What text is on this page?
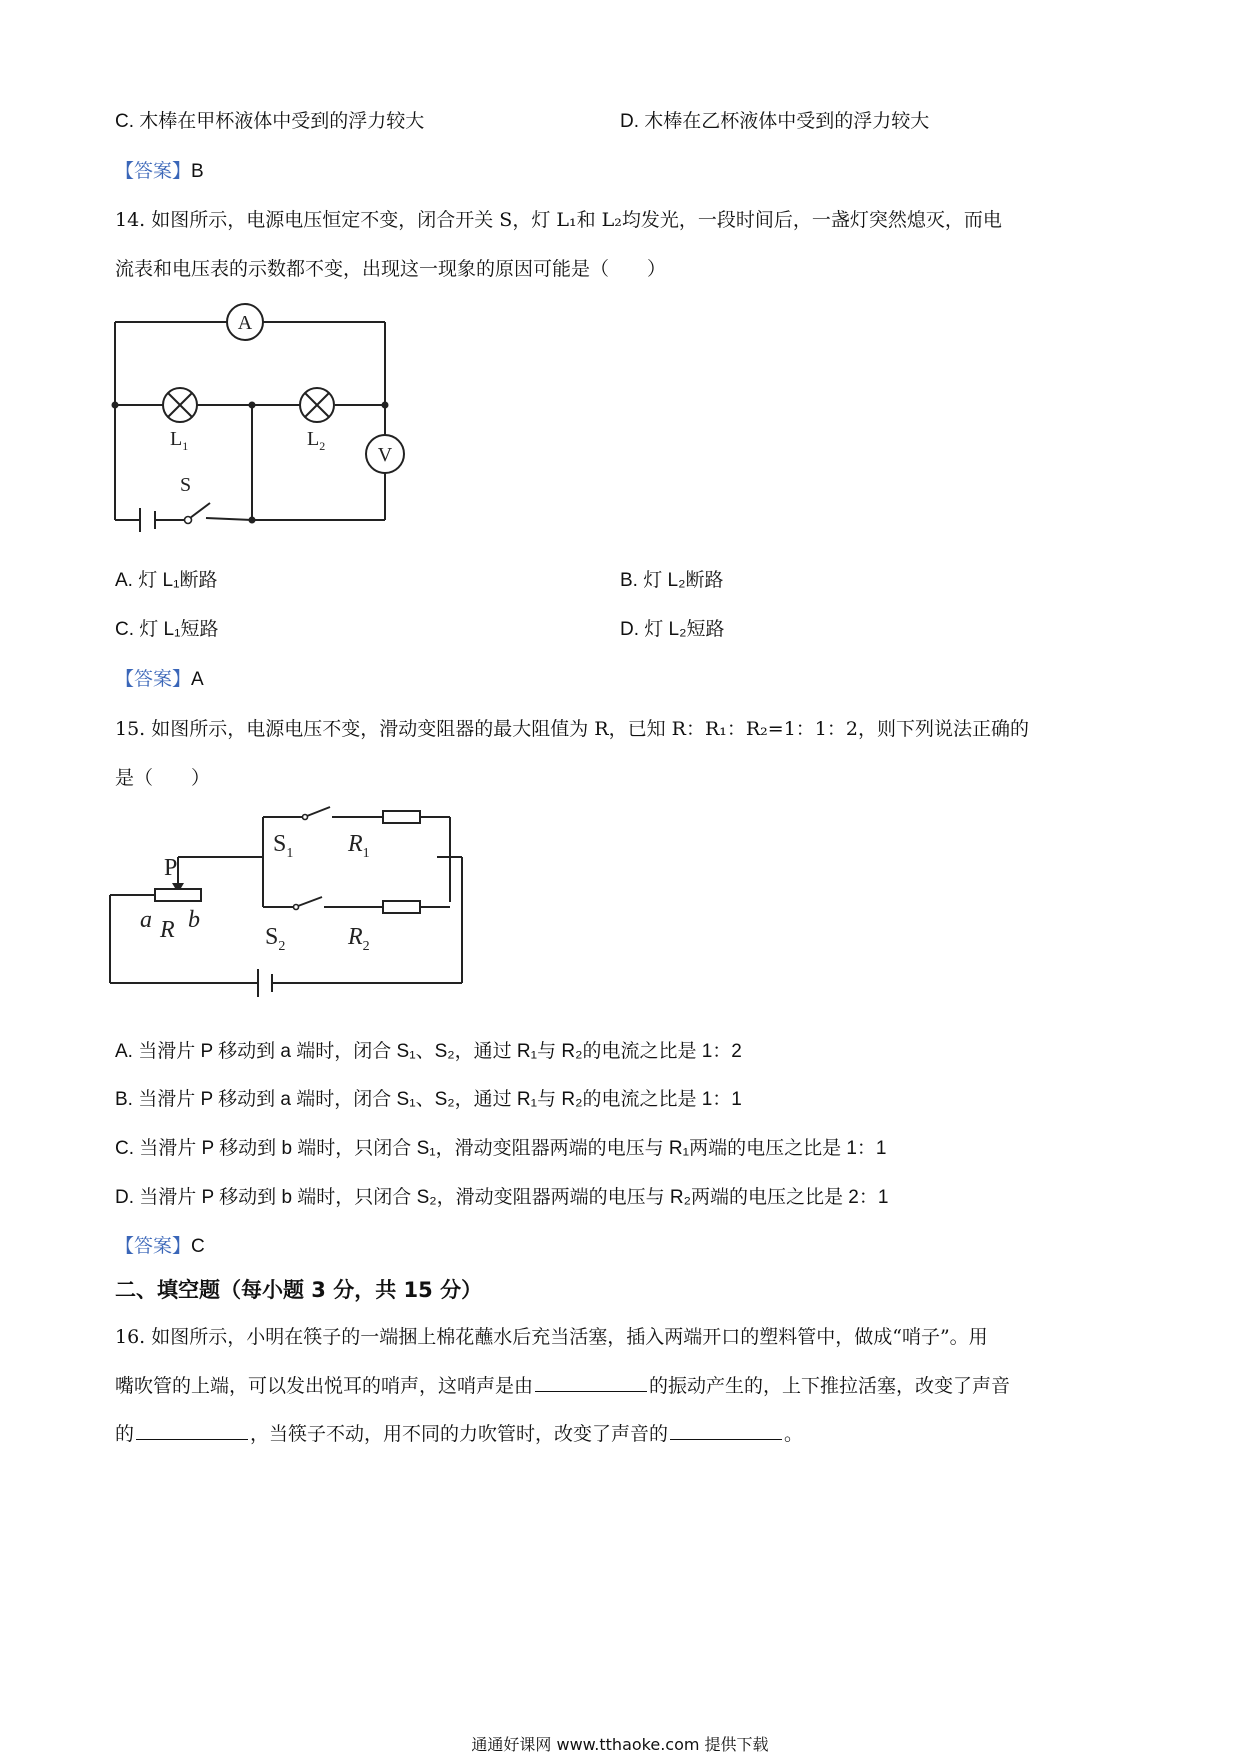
C. 木棒在甲杯液体中受到的浮力较大	D. 木棒在乙杯液体中受到的浮力较大
【答案】B
14. 如图所示，电源电压恒定不变，闭合开关 S，灯 L₁和 L₂均发光，一段时间后，一盏灯突然熄灭，而电
流表和电压表的示数都不变，出现这一现象的原因可能是（　　）
S
A
$L_1$	$L_2$	V
A. 灯 L₁断路	B. 灯 L₂断路
C. 灯 L₁短路	D. 灯 L₂短路
【答案】A
15. 如图所示，电源电压不变，滑动变阻器的最大阻值为 R，已知 R：R₁：R₂=1：1：2，则下列说法正确的
是（　　）
P
a R b
$S_1$ $R_1$
$S_2$	$R_2$
A. 当滑片 P 移动到 a 端时，闭合 S₁、S₂，通过 R₁与 R₂的电流之比是 1：2
B. 当滑片 P 移动到 a 端时，闭合 S₁、S₂，通过 R₁与 R₂的电流之比是 1：1
C. 当滑片 P 移动到 b 端时，只闭合 S₁，滑动变阻器两端的电压与 R₁两端的电压之比是 1：1
D. 当滑片 P 移动到 b 端时，只闭合 S₂，滑动变阻器两端的电压与 R₂两端的电压之比是 2：1
【答案】C
二、填空题（每小题 3 分，共 15 分）
16. 如图所示，小明在筷子的一端捆上棉花蘸水后充当活塞，插入两端开口的塑料管中，做成“哨子”。用
嘴吹管的上端，可以发出悦耳的哨声，这哨声是由	的振动产生的，上下推拉活塞，改变了声音
的	，当筷子不动，用不同的力吹管时，改变了声音的	。
通通好课网 www.tthaoke.com 提供下载
